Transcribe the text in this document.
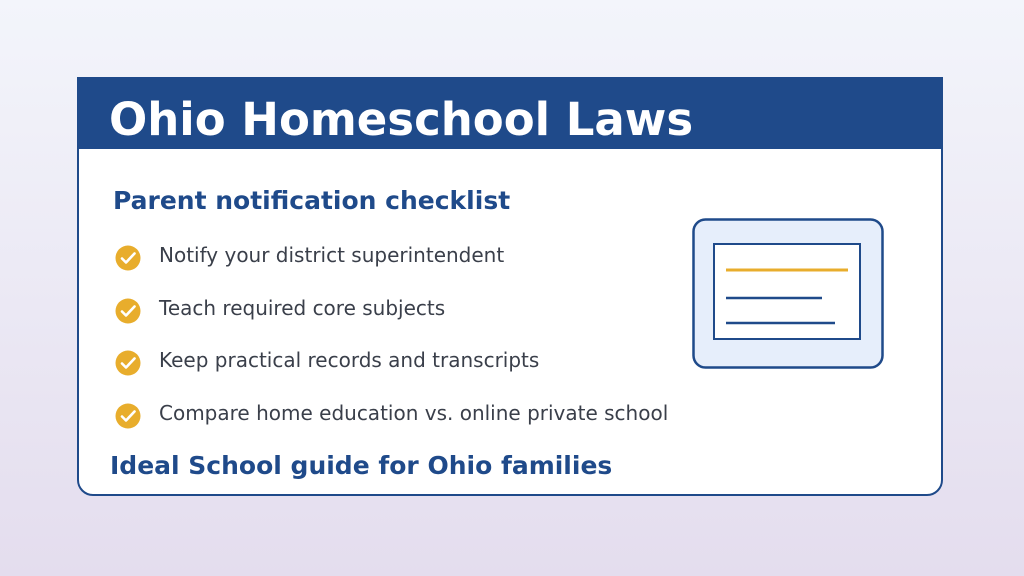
Ohio Homeschool Laws
Parent notification checklist
Notify your district superintendent
Teach required core subjects
Keep practical records and transcripts
Compare home education vs. online private school

Ideal School guide for Ohio families
